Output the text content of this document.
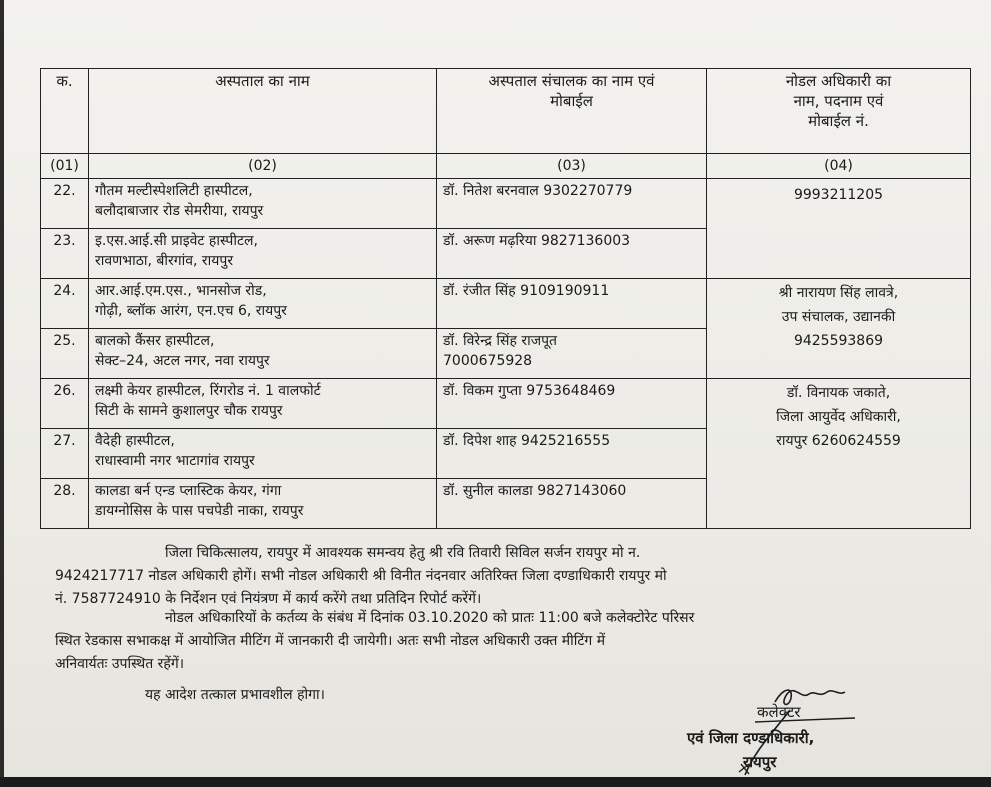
क.	अस्पताल का नाम	अस्पताल संचालक का नाम एवं
मोबाईल	नोडल अधिकारी का
नाम, पदनाम एवं
मोबाईल नं.

(01)	(02)	(03)	(04)
22.	गौतम मल्टीस्पेशलिटी हास्पीटल,
बलौदाबाजार रोड सेमरीया, रायपुर	डॉ. नितेश बरनवाल 9302270779	9993211205

23.	इ.एस.आई.सी प्राइवेट हास्पीटल,
रावणभाठा, बीरगांव, रायपुर	डॉ. अरूण मढ़रिया 9827136003	

24.	आर.आई.एम.एस., भानसोज रोड,
गोढ़ी, ब्लॉक आरंग, एन.एच 6, रायपुर	डॉ. रंजीत सिंह 9109190911	श्री नारायण सिंह लावत्रे,
उप संचालक, उद्यानकी
9425593869

25.	बालको कैंसर हास्पीटल,
सेक्ट–24, अटल नगर, नवा रायपुर	डॉ. विरेन्द्र सिंह राजपूत
7000675928	

26.	लक्ष्मी केयर हास्पीटल, रिंगरोड नं. 1 वालफोर्ट
सिटी के सामने कुशालपुर चौक रायपुर	डॉ. विकम गुप्ता 9753648469	डॉ. विनायक जकाते,
जिला आयुर्वेद अधिकारी,
रायपुर 6260624559

27.	वैदेही हास्पीटल,
राधास्वामी नगर भाटागांव रायपुर	डॉ. दिपेश शाह 9425216555	

28.	कालडा बर्न एन्ड प्लास्टिक केयर, गंगा
डायग्नोसिस के पास पचपेडी नाका, रायपुर	डॉ. सुनील कालडा 9827143060	
जिला चिकित्सालय, रायपुर में आवश्यक समन्वय हेतु श्री रवि तिवारी सिविल सर्जन रायपुर मो न.
9424217717 नोडल अधिकारी होगें। सभी नोडल अधिकारी श्री विनीत नंदनवार अतिरिक्त जिला दण्डाधिकारी रायपुर मो
नं. 7587724910 के निर्देशन एवं नियंत्रण में कार्य करेंगे तथा प्रतिदिन रिपोर्ट करेंगें।
नोडल अधिकारियों के कर्तव्य के संबंध में दिनांक 03.10.2020 को प्रातः 11:00 बजे कलेक्टोरेट परिसर
स्थित रेडकास सभाकक्ष में आयोजित मीटिंग में जानकारी दी जायेगी। अतः सभी नोडल अधिकारी उक्त मीटिंग में
अनिवार्यतः उपस्थित रहेंगें।
यह आदेश तत्काल प्रभावशील होगा।
कलेक्टर
एवं जिला दण्डाधिकारी,
रायपुर
